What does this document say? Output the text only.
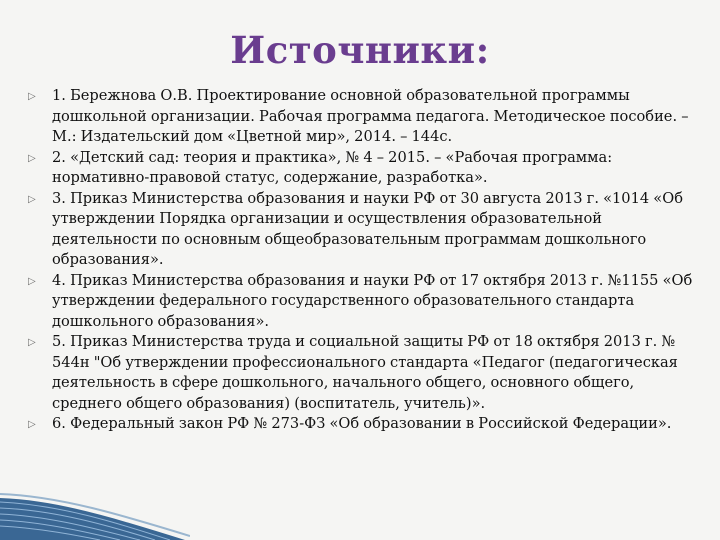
Источники:
▷	1. Бережнова О.В. Проектирование основной образовательной программы дошкольной организации. Рабочая программа педагога. Методическое пособие. – М.: Издательский дом «Цветной мир», 2014. – 144с.
▷	2. «Детский сад: теория и практика», № 4 – 2015. – «Рабочая программа: нормативно-правовой статус, содержание, разработка».
▷	3. Приказ Министерства образования и науки РФ от 30 августа 2013 г. «1014 «Об утверждении Порядка организации и осуществления образовательной деятельности по основным общеобразовательным программам дошкольного образования».
▷	4. Приказ Министерства образования и науки РФ от 17 октября 2013 г. №1155 «Об утверждении федерального государственного образовательного стандарта дошкольного образования».
▷	5. Приказ Министерства труда и социальной защиты РФ от 18 октября 2013 г. № 544н "Об утверждении профессионального стандарта «Педагог (педагогическая деятельность в сфере дошкольного, начального общего, основного общего, среднего общего образования) (воспитатель, учитель)».
▷	6. Федеральный закон РФ № 273-ФЗ «Об образовании в Российской Федерации».
